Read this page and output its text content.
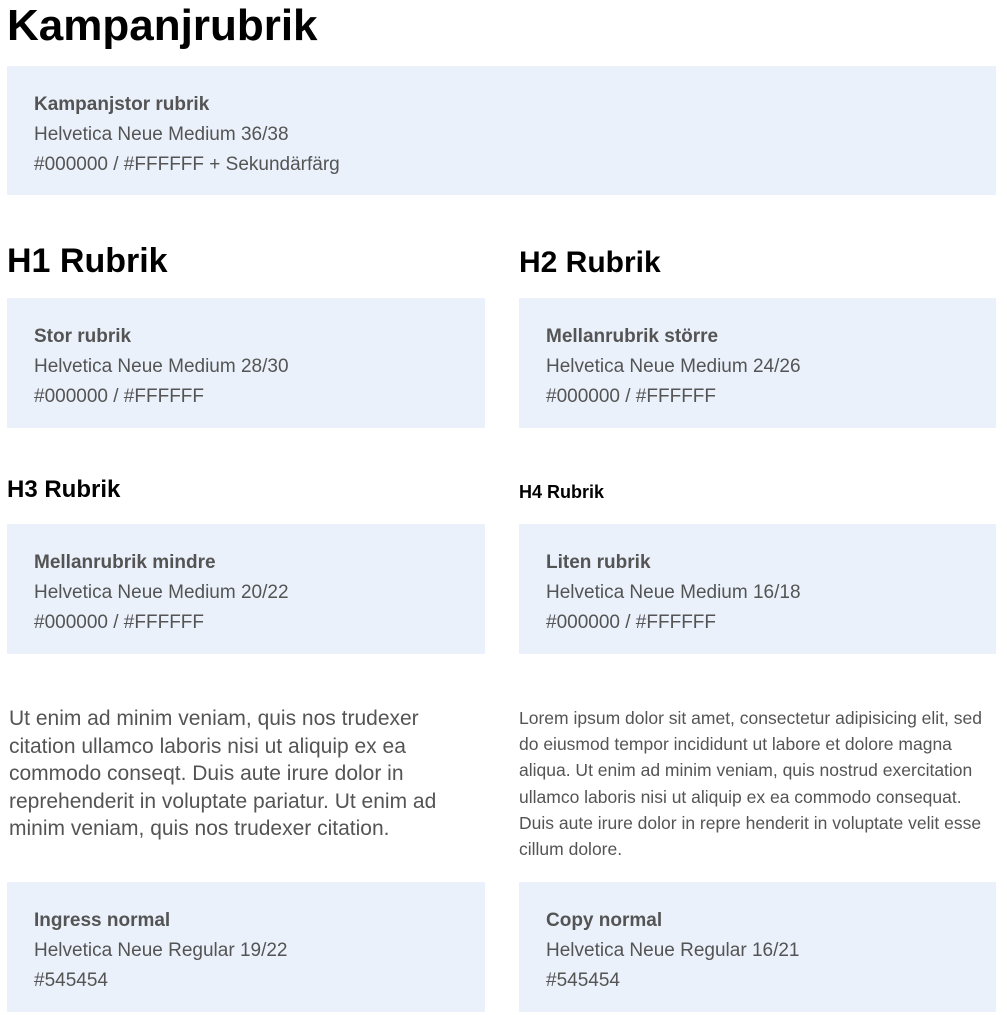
Kampanjrubrik
Kampanjstor rubrik
Helvetica Neue Medium 36/38
#000000 / #FFFFFF + Sekundärfärg
H1 Rubrik
Stor rubrik
Helvetica Neue Medium 28/30
#000000 / #FFFFFF
H2 Rubrik
Mellanrubrik större
Helvetica Neue Medium 24/26
#000000 / #FFFFFF
H3 Rubrik
Mellanrubrik mindre
Helvetica Neue Medium 20/22
#000000 / #FFFFFF
H4 Rubrik
Liten rubrik
Helvetica Neue Medium 16/18
#000000 / #FFFFFF

Ut enim ad minim veniam, quis nos trudexer citation ullamco laboris nisi ut aliquip ex ea commodo conseqt. Duis aute irure dolor in reprehenderit in voluptate pariatur. Ut enim ad minim veniam, quis nos trudexer citation.

Ingress normal
Helvetica Neue Regular 19/22
#545454

Lorem ipsum dolor sit amet, consectetur adipisicing elit, sed do eiusmod tempor incididunt ut labore et dolore magna aliqua. Ut enim ad minim veniam, quis nostrud exercitation ullamco laboris nisi ut aliquip ex ea commodo consequat. Duis aute irure dolor in repre henderit in voluptate velit esse cillum dolore.

Copy normal
Helvetica Neue Regular 16/21
#545454
